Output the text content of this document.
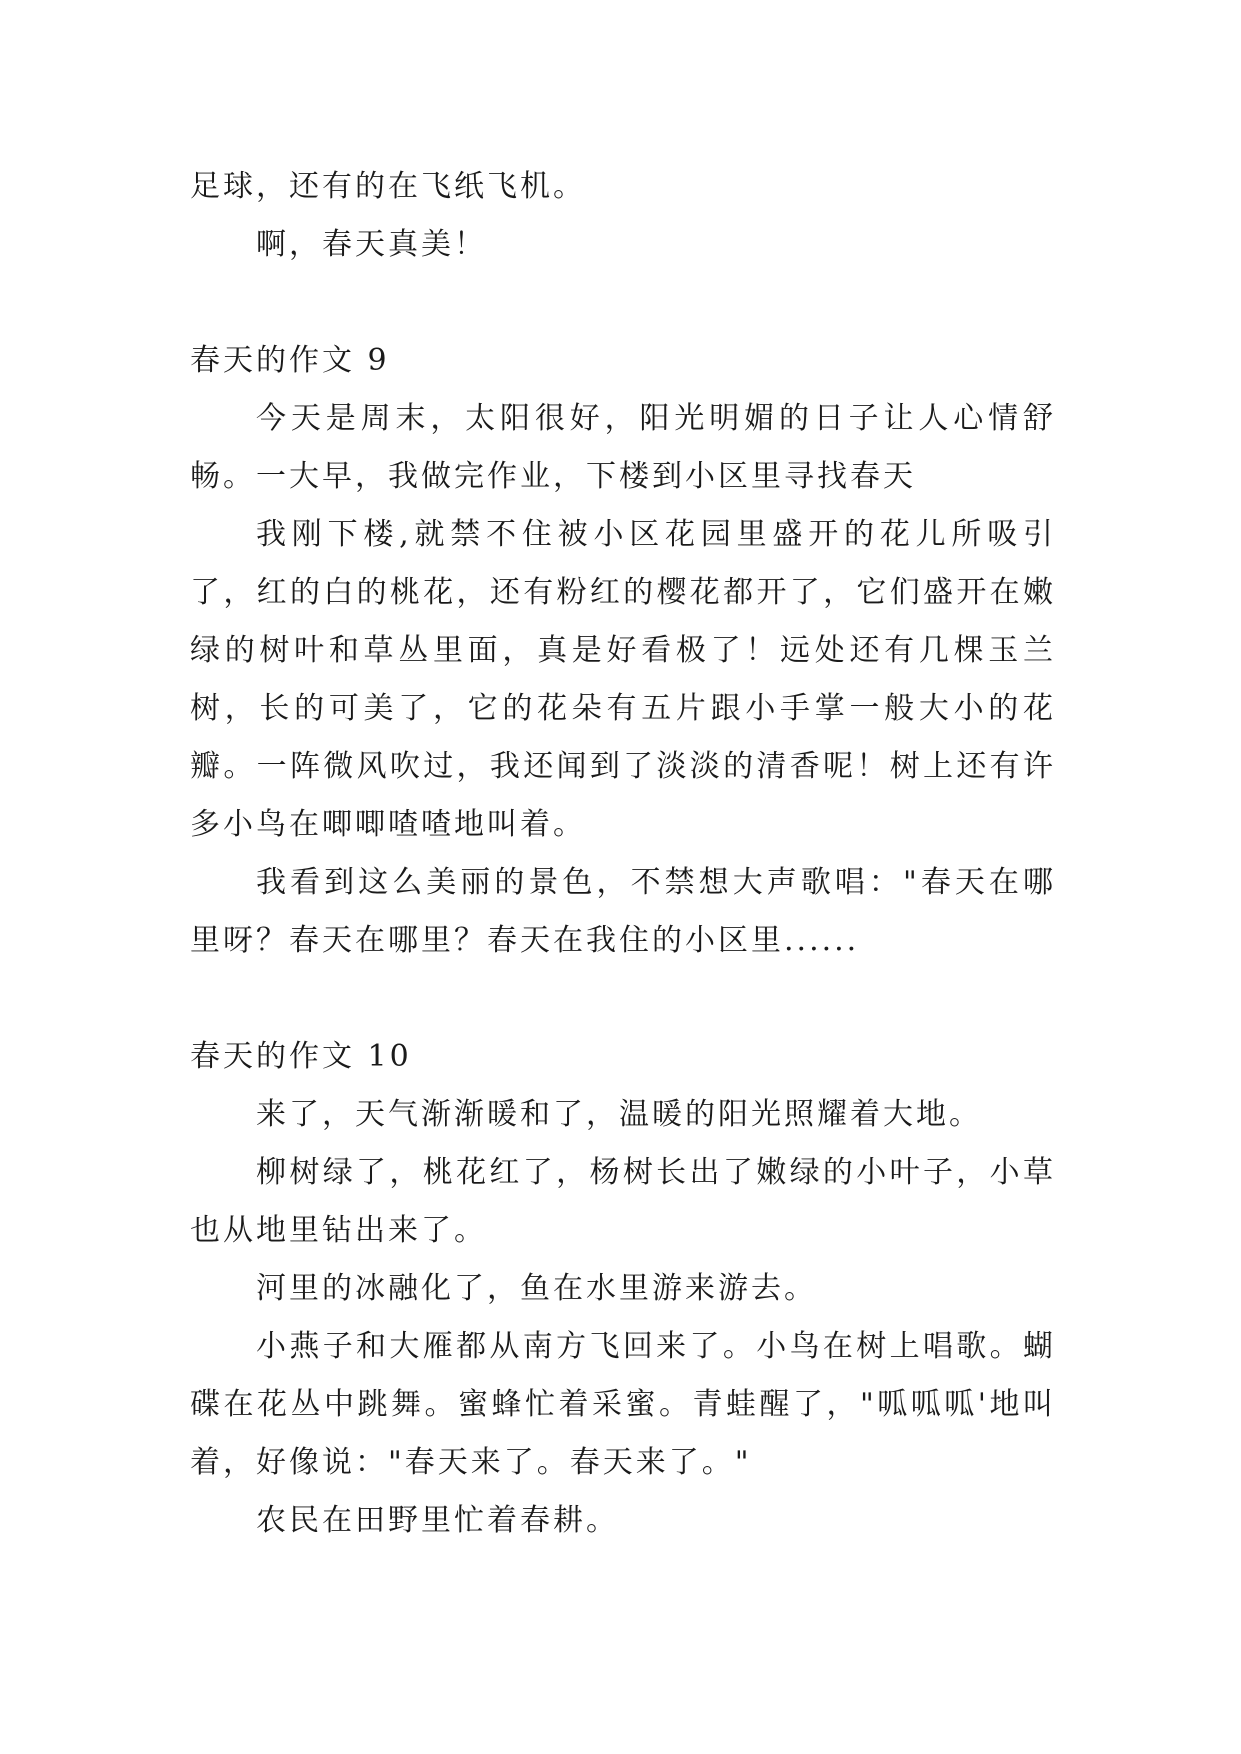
足球，还有的在飞纸飞机。

啊，春天真美！

春天的作文 9

今天是周末，太阳很好，阳光明媚的日子让人心情舒畅。一大早，我做完作业，下楼到小区里寻找春天

我刚下楼,就禁不住被小区花园里盛开的花儿所吸引了，红的白的桃花，还有粉红的樱花都开了，它们盛开在嫩绿的树叶和草丛里面，真是好看极了！远处还有几棵玉兰树，长的可美了，它的花朵有五片跟小手掌一般大小的花瓣。一阵微风吹过，我还闻到了淡淡的清香呢！树上还有许多小鸟在唧唧喳喳地叫着。

我看到这么美丽的景色，不禁想大声歌唱："春天在哪里呀？春天在哪里？春天在我住的小区里......

春天的作文 10

来了，天气渐渐暖和了，温暖的阳光照耀着大地。

柳树绿了，桃花红了，杨树长出了嫩绿的小叶子，小草也从地里钻出来了。

河里的冰融化了，鱼在水里游来游去。

小燕子和大雁都从南方飞回来了。小鸟在树上唱歌。蝴碟在花丛中跳舞。蜜蜂忙着采蜜。青蛙醒了，"呱呱呱'地叫着，好像说："春天来了。春天来了。"

农民在田野里忙着春耕。
